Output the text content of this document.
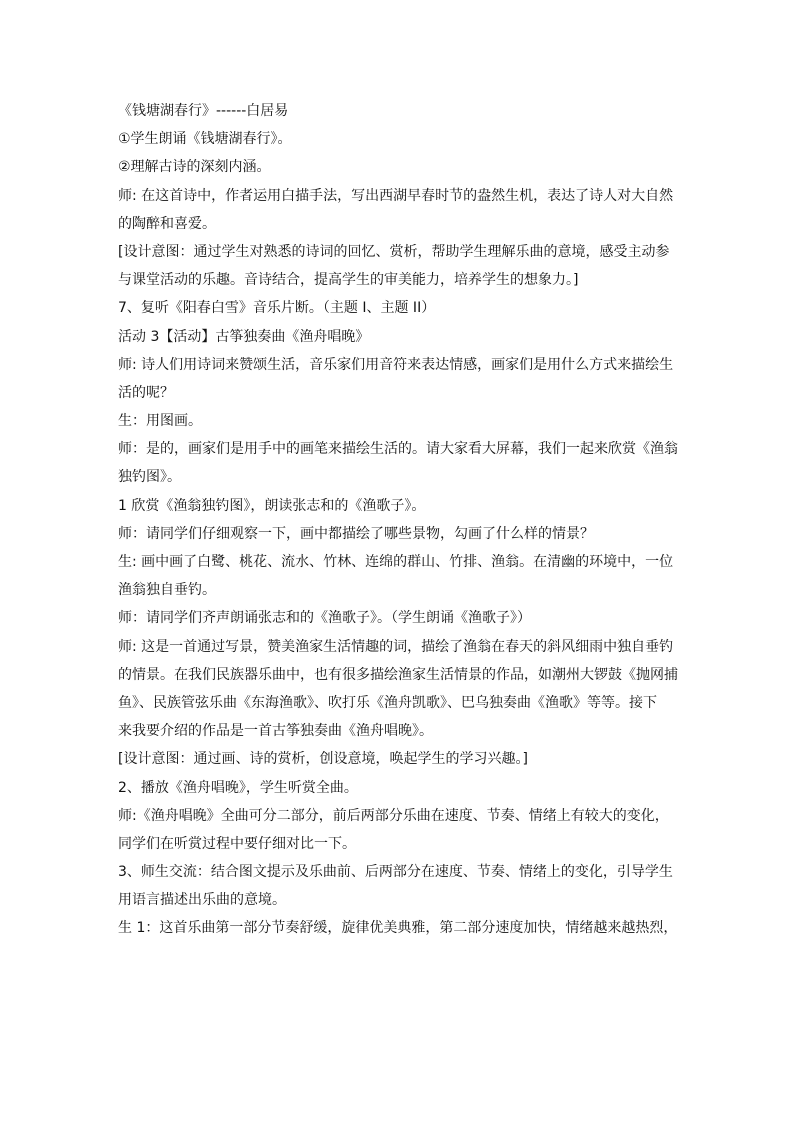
《钱塘湖春行》------白居易
①学生朗诵《钱塘湖春行》。
②理解古诗的深刻内涵。
师: 在这首诗中，作者运用白描手法，写出西湖早春时节的盎然生机，表达了诗人对大自然
的陶醉和喜爱。
[设计意图：通过学生对熟悉的诗词的回忆、赏析，帮助学生理解乐曲的意境，感受主动参
与课堂活动的乐趣。音诗结合，提高学生的审美能力，培养学生的想象力。]
7、复听《阳春白雪》音乐片断。（主题 I、主题 II）
活动 3【活动】古筝独奏曲《渔舟唱晚》
师: 诗人们用诗词来赞颂生活，音乐家们用音符来表达情感，画家们是用什么方式来描绘生
活的呢？
生：用图画。
师：是的，画家们是用手中的画笔来描绘生活的。请大家看大屏幕，我们一起来欣赏《渔翁
独钓图》。
1 欣赏《渔翁独钓图》，朗读张志和的《渔歌子》。
师：请同学们仔细观察一下，画中都描绘了哪些景物，勾画了什么样的情景？
生: 画中画了白鹭、桃花、流水、竹林、连绵的群山、竹排、渔翁。在清幽的环境中，一位
渔翁独自垂钓。
师：请同学们齐声朗诵张志和的《渔歌子》。（学生朗诵《渔歌子》）
师: 这是一首通过写景，赞美渔家生活情趣的词，描绘了渔翁在春天的斜风细雨中独自垂钓
的情景。在我们民族器乐曲中，也有很多描绘渔家生活情景的作品，如潮州大锣鼓《抛网捕
鱼》、民族管弦乐曲《东海渔歌》、吹打乐《渔舟凯歌》、巴乌独奏曲《渔歌》等等。接下
来我要介绍的作品是一首古筝独奏曲《渔舟唱晚》。
[设计意图：通过画、诗的赏析，创设意境，唤起学生的学习兴趣。]
2、播放《渔舟唱晚》，学生听赏全曲。
师:《渔舟唱晚》全曲可分二部分，前后两部分乐曲在速度、节奏、情绪上有较大的变化，
同学们在听赏过程中要仔细对比一下。
3、师生交流：结合图文提示及乐曲前、后两部分在速度、节奏、情绪上的变化，引导学生
用语言描述出乐曲的意境。
生 1：这首乐曲第一部分节奏舒缓，旋律优美典雅，第二部分速度加快，情绪越来越热烈，
